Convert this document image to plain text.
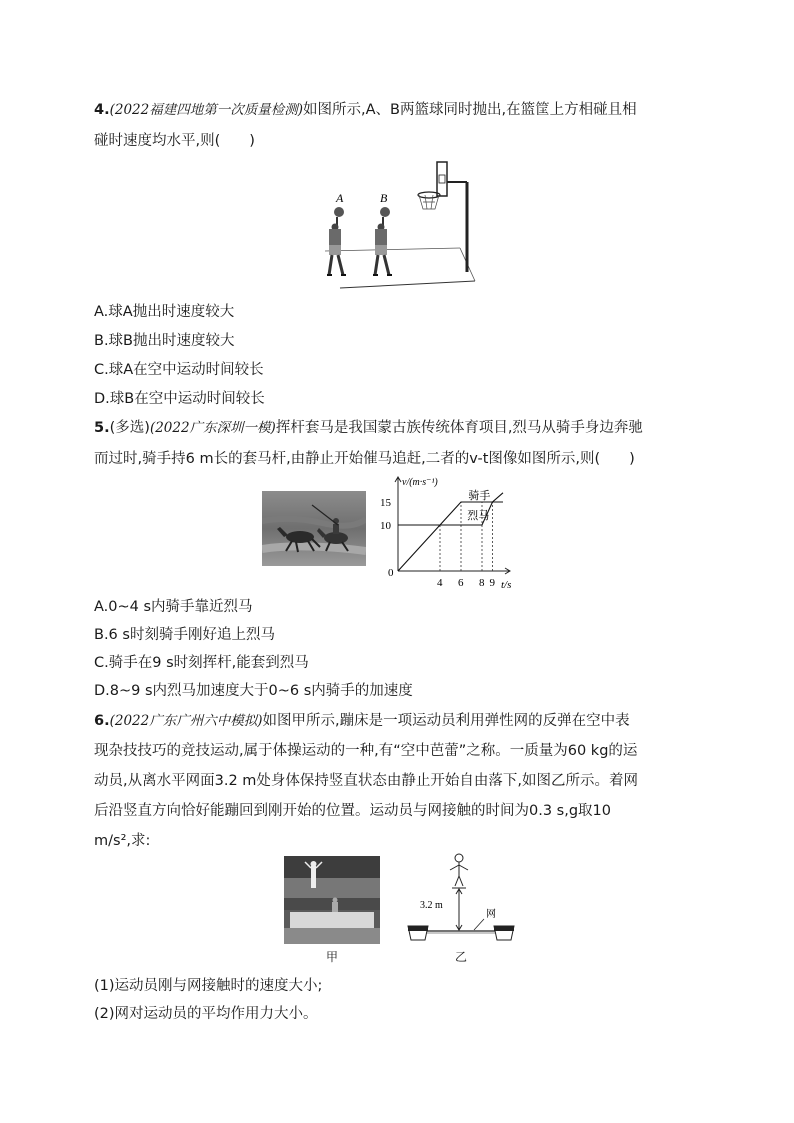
4.(2022福建四地第一次质量检测)如图所示,A、B两篮球同时抛出,在篮筐上方相碰且相
碰时速度均水平,则(　　)
A	B
A.球A抛出时速度较大
B.球B抛出时速度较大
C.球A在空中运动时间较长
D.球B在空中运动时间较长
5.(多选)(2022广东深圳一模)挥杆套马是我国蒙古族传统体育项目,烈马从骑手身边奔驰
而过时,骑手持6 m长的套马杆,由静止开始催马追赶,二者的v-t图像如图所示,则(　　)
v/(m·s⁻¹)
t/s
0
10
15
4 6 8 9
骑手
烈马
A.0~4 s内骑手靠近烈马
B.6 s时刻骑手刚好追上烈马
C.骑手在9 s时刻挥杆,能套到烈马
D.8~9 s内烈马加速度大于0~6 s内骑手的加速度
6.(2022广东广州六中模拟)如图甲所示,蹦床是一项运动员利用弹性网的反弹在空中表
现杂技技巧的竞技运动,属于体操运动的一种,有“空中芭蕾”之称。一质量为60 kg的运
动员,从离水平网面3.2 m处身体保持竖直状态由静止开始自由落下,如图乙所示。着网
后沿竖直方向恰好能蹦回到刚开始的位置。运动员与网接触的时间为0.3 s,g取10
m/s²,求:
甲
3.2 m
网
乙
(1)运动员刚与网接触时的速度大小;
(2)网对运动员的平均作用力大小。
